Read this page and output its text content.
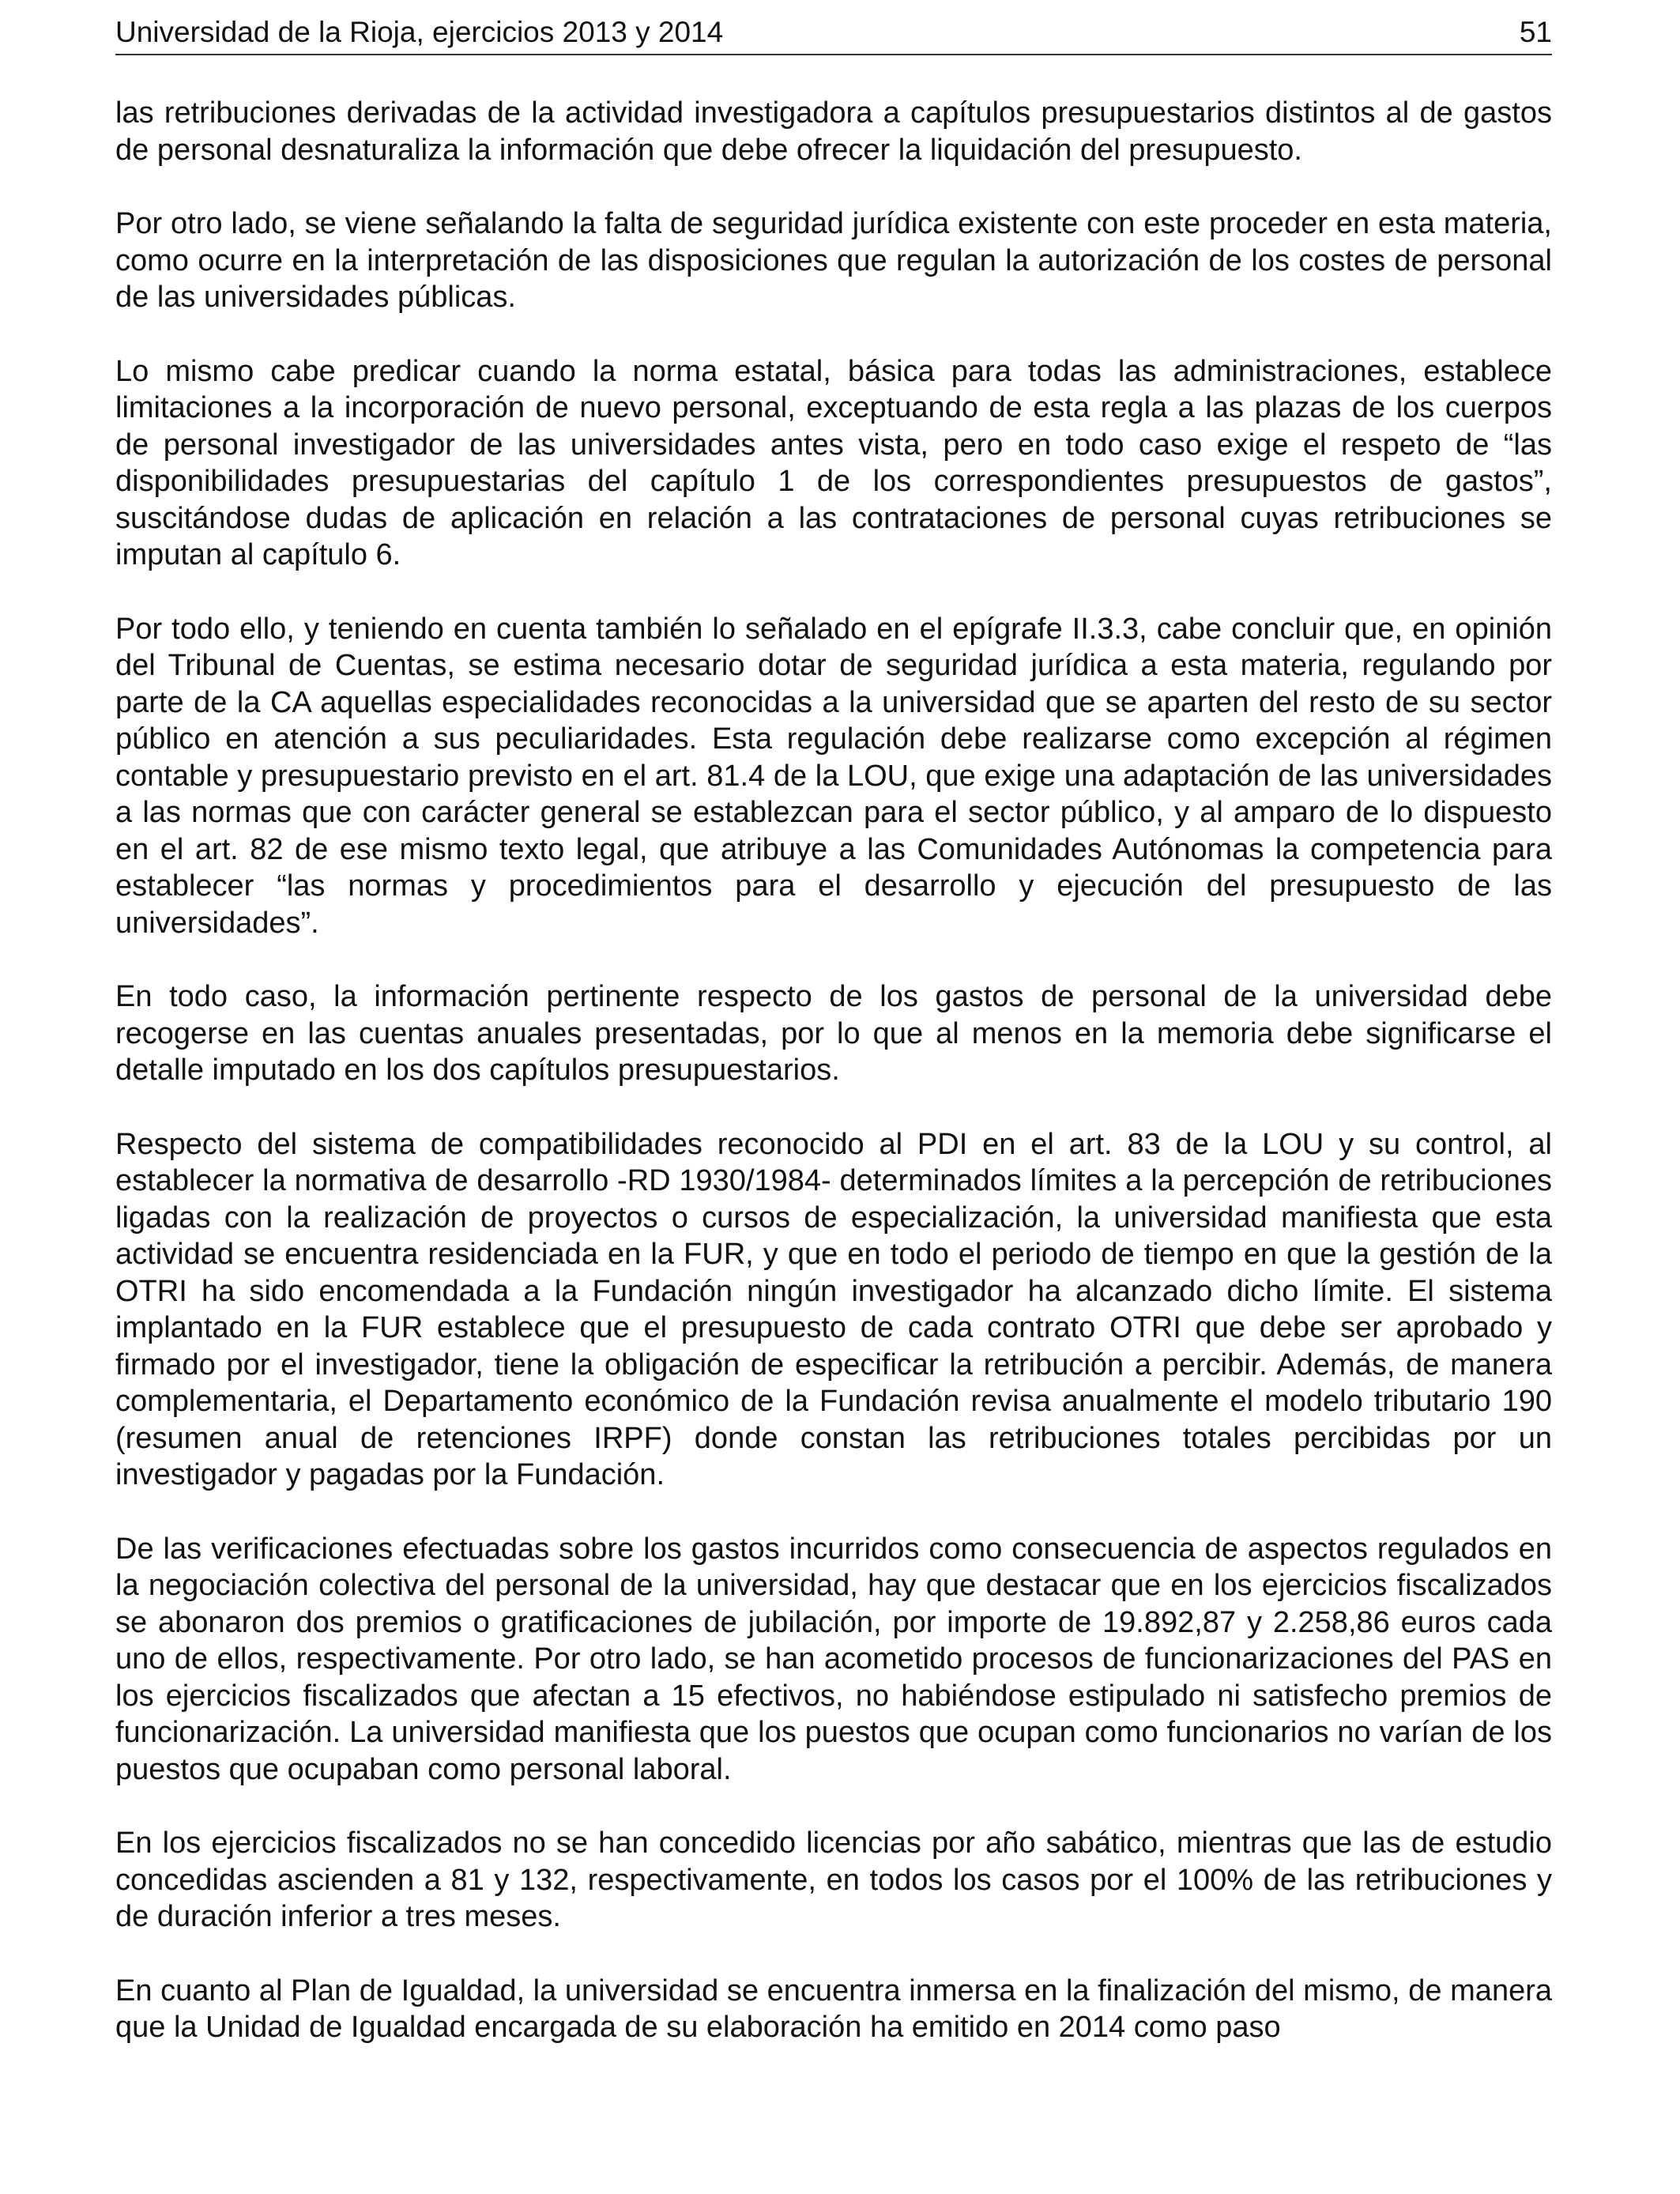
Universidad de la Rioja, ejercicios 2013 y 2014	51

las retribuciones derivadas de la actividad investigadora a capítulos presupuestarios distintos al de gastos de personal desnaturaliza la información que debe ofrecer la liquidación del presupuesto.

Por otro lado, se viene señalando la falta de seguridad jurídica existente con este proceder en esta materia, como ocurre en la interpretación de las disposiciones que regulan la autorización de los costes de personal de las universidades públicas.

Lo mismo cabe predicar cuando la norma estatal, básica para todas las administraciones, establece limitaciones a la incorporación de nuevo personal, exceptuando de esta regla a las plazas de los cuerpos de personal investigador de las universidades antes vista, pero en todo caso exige el respeto de “las disponibilidades presupuestarias del capítulo 1 de los correspondientes presupuestos de gastos”, suscitándose dudas de aplicación en relación a las contrataciones de personal cuyas retribuciones se imputan al capítulo 6.

Por todo ello, y teniendo en cuenta también lo señalado en el epígrafe II.3.3, cabe concluir que, en opinión del Tribunal de Cuentas, se estima necesario dotar de seguridad jurídica a esta materia, regulando por parte de la CA aquellas especialidades reconocidas a la universidad que se aparten del resto de su sector público en atención a sus peculiaridades. Esta regulación debe realizarse como excepción al régimen contable y presupuestario previsto en el art. 81.4 de la LOU, que exige una adaptación de las universidades a las normas que con carácter general se establezcan para el sector público, y al amparo de lo dispuesto en el art. 82 de ese mismo texto legal, que atribuye a las Comunidades Autónomas la competencia para establecer “las normas y procedimientos para el desarrollo y ejecución del presupuesto de las universidades”.

En todo caso, la información pertinente respecto de los gastos de personal de la universidad debe recogerse en las cuentas anuales presentadas, por lo que al menos en la memoria debe significarse el detalle imputado en los dos capítulos presupuestarios.

Respecto del sistema de compatibilidades reconocido al PDI en el art. 83 de la LOU y su control, al establecer la normativa de desarrollo -RD 1930/1984- determinados límites a la percepción de retribuciones ligadas con la realización de proyectos o cursos de especialización, la universidad manifiesta que esta actividad se encuentra residenciada en la FUR, y que en todo el periodo de tiempo en que la gestión de la OTRI ha sido encomendada a la Fundación ningún investigador ha alcanzado dicho límite. El sistema implantado en la FUR establece que el presupuesto de cada contrato OTRI que debe ser aprobado y firmado por el investigador, tiene la obligación de especificar la retribución a percibir. Además, de manera complementaria, el Departamento económico de la Fundación revisa anualmente el modelo tributario 190 (resumen anual de retenciones IRPF) donde constan las retribuciones totales percibidas por un investigador y pagadas por la Fundación.

De las verificaciones efectuadas sobre los gastos incurridos como consecuencia de aspectos regulados en la negociación colectiva del personal de la universidad, hay que destacar que en los ejercicios fiscalizados se abonaron dos premios o gratificaciones de jubilación, por importe de 19.892,87 y 2.258,86 euros cada uno de ellos, respectivamente. Por otro lado, se han acometido procesos de funcionarizaciones del PAS en los ejercicios fiscalizados que afectan a 15 efectivos, no habiéndose estipulado ni satisfecho premios de funcionarización. La universidad manifiesta que los puestos que ocupan como funcionarios no varían de los puestos que ocupaban como personal laboral.

En los ejercicios fiscalizados no se han concedido licencias por año sabático, mientras que las de estudio concedidas ascienden a 81 y 132, respectivamente, en todos los casos por el 100% de las retribuciones y de duración inferior a tres meses.

En cuanto al Plan de Igualdad, la universidad se encuentra inmersa en la finalización del mismo, de manera que la Unidad de Igualdad encargada de su elaboración ha emitido en 2014 como paso
